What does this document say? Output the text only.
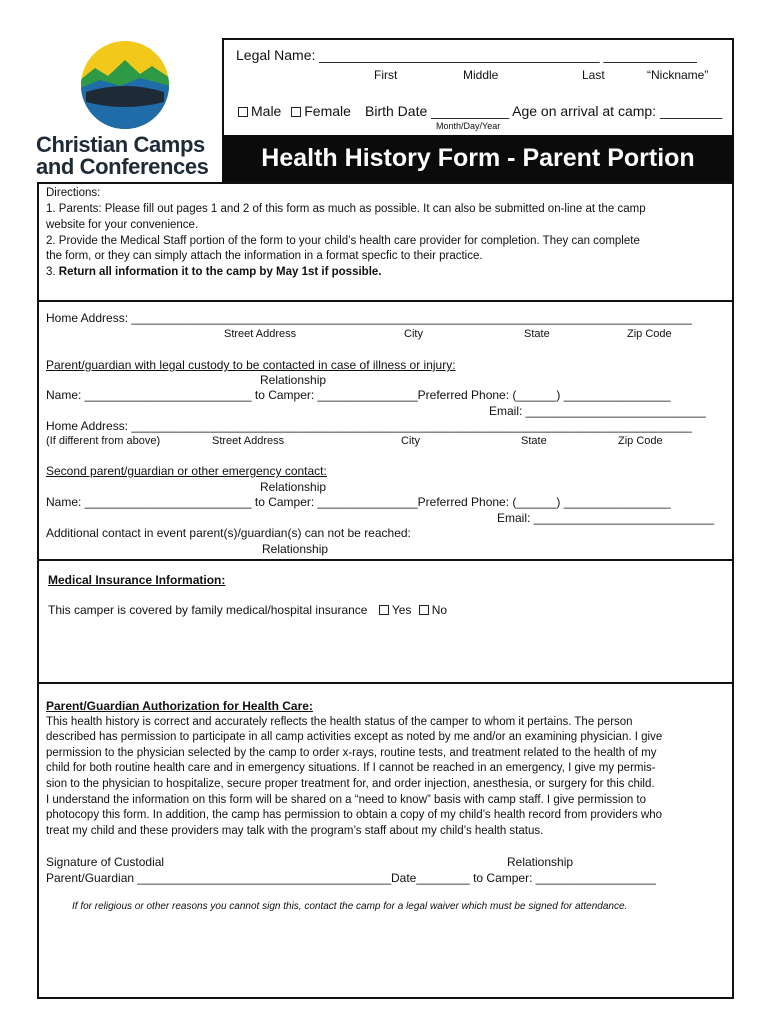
Christian Camps
and Conferences
Legal Name: ____________________________________ ____________
First	Middle	Last	“Nickname”
Male Female Birth Date __________ Age on arrival at camp: ________
Month/Day/Year
Health History Form - Parent Portion
Directions:
1. Parents: Please fill out pages 1 and 2 of this form as much as possible. It can also be submitted on-line at the camp
website for your convenience.
2. Provide the Medical Staff portion of the form to your child’s health care provider for completion. They can complete
the form, or they can simply attach the information in a format specfic to their practice.
3. Return all information it to the camp by May 1st if possible.
Home Address: ____________________________________________________________________________________
Street Address	City	State	Zip Code
Parent/guardian with legal custody to be contacted in case of illness or injury:
Relationship
Name: _________________________ to Camper: _______________Preferred Phone: (______) ________________
Email: ___________________________
Home Address: ____________________________________________________________________________________
(If different from above)	Street Address	City	State	Zip Code
Second parent/guardian or other emergency contact:
Relationship
Name: _________________________ to Camper: _______________Preferred Phone: (______) ________________
Email: ___________________________
Additional contact in event parent(s)/guardian(s) can not be reached:
Relationship
Medical Insurance Information:
This camper is covered by family medical/hospital insurance Yes No
Parent/Guardian Authorization for Health Care:
This health history is correct and accurately reflects the health status of the camper to whom it pertains. The person
described has permission to participate in all camp activities except as noted by me and/or an examining physician. I give
permission to the physician selected by the camp to order x-rays, routine tests, and treatment related to the health of my
child for both routine health care and in emergency situations. If I cannot be reached in an emergency, I give my permis-
sion to the physician to hospitalize, secure proper treatment for, and order injection, anesthesia, or surgery for this child.
I understand the information on this form will be shared on a “need to know” basis with camp staff. I give permission to
photocopy this form. In addition, the camp has permission to obtain a copy of my child’s health record from providers who
treat my child and these providers may talk with the program’s staff about my child’s health status.
Signature of Custodial	Relationship
Parent/Guardian ______________________________________Date________ to Camper: __________________
If for religious or other reasons you cannot sign this, contact the camp for a legal waiver which must be signed for attendance.
